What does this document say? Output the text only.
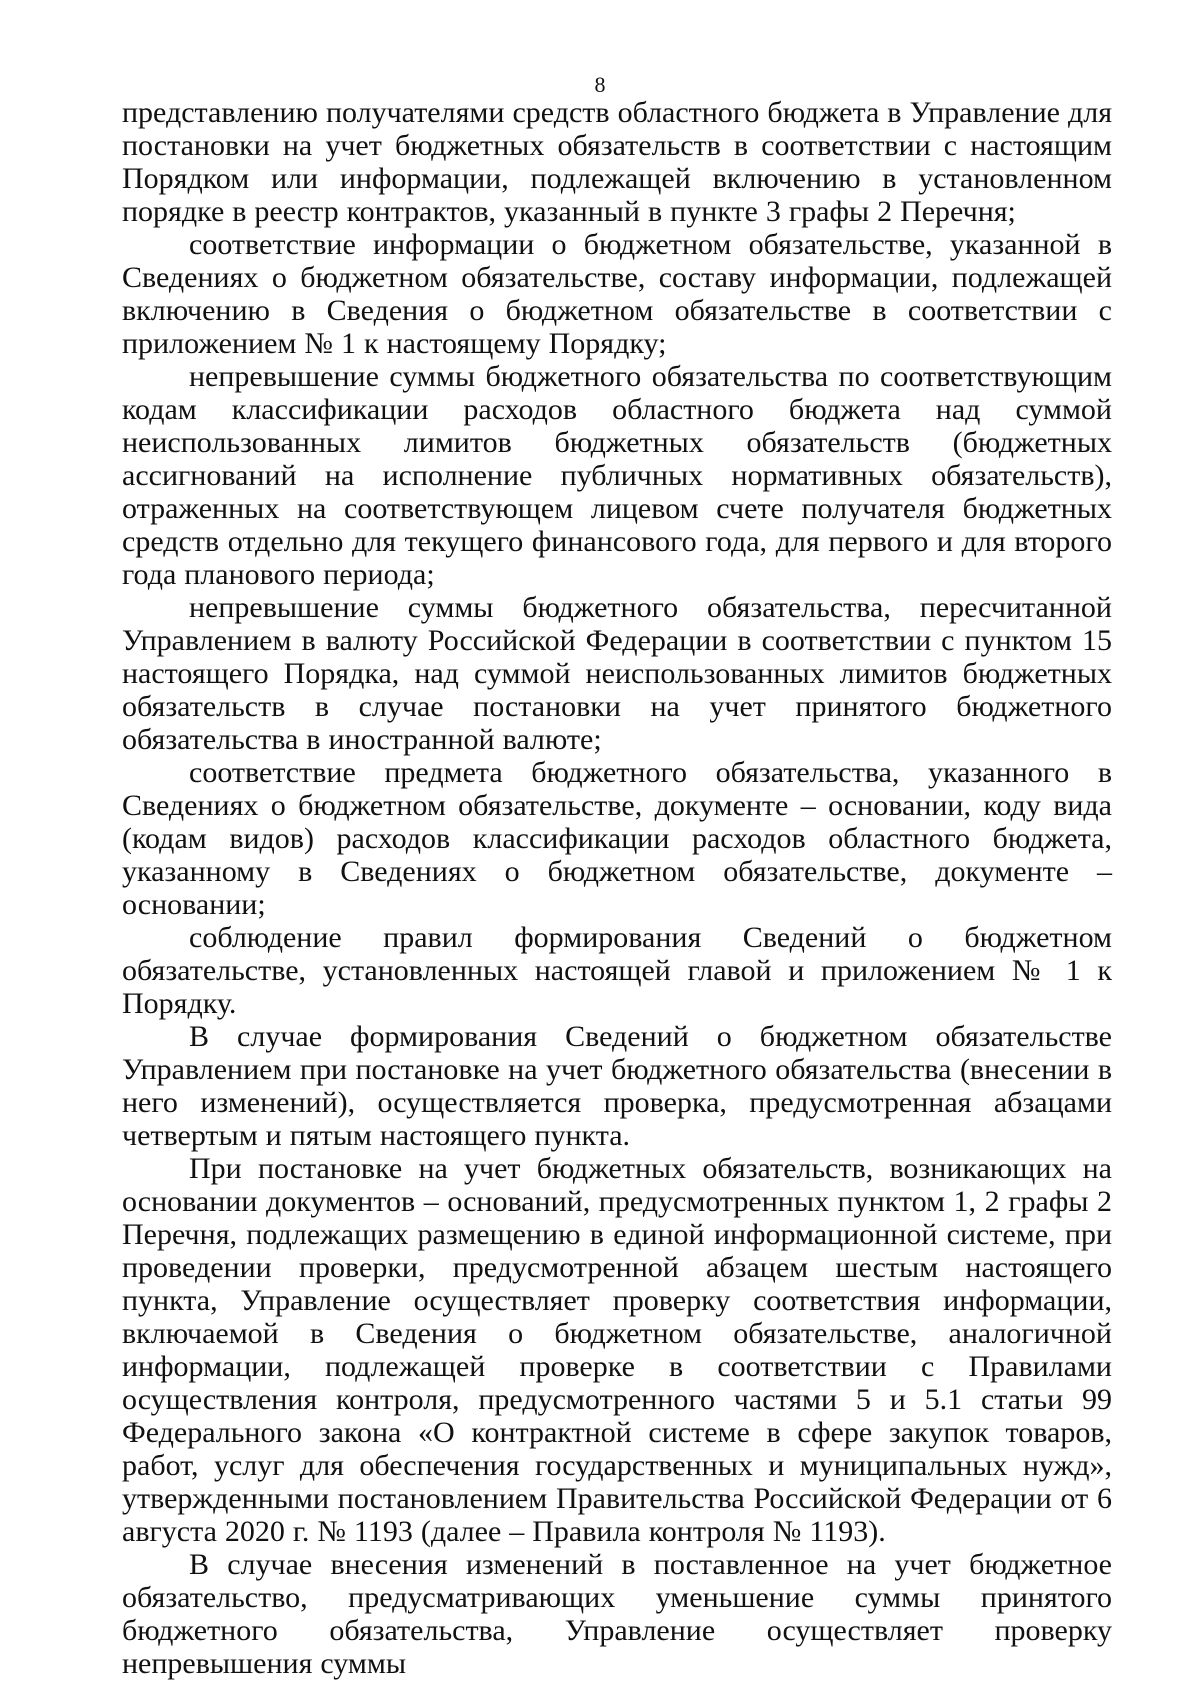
8

представлению получателями средств областного бюджета в Управление для постановки на учет бюджетных обязательств в соответствии с настоящим Порядком или информации, подлежащей включению в установленном порядке в реестр контрактов, указанный в пункте 3 графы 2 Перечня;

соответствие информации о бюджетном обязательстве, указанной в Сведениях о бюджетном обязательстве, составу информации, подлежащей включению в Сведения о бюджетном обязательстве в соответствии с приложением № 1 к настоящему Порядку;

непревышение суммы бюджетного обязательства по соответствующим кодам классификации расходов областного бюджета над суммой неиспользованных лимитов бюджетных обязательств (бюджетных ассигнований на исполнение публичных нормативных обязательств), отраженных на соответствующем лицевом счете получателя бюджетных средств отдельно для текущего финансового года, для первого и для второго года планового периода;

непревышение суммы бюджетного обязательства, пересчитанной Управлением в валюту Российской Федерации в соответствии с пунктом 15 настоящего Порядка, над суммой неиспользованных лимитов бюджетных обязательств в случае постановки на учет принятого бюджетного обязательства в иностранной валюте;

соответствие предмета бюджетного обязательства, указанного в Сведениях о бюджетном обязательстве, документе – основании, коду вида (кодам видов) расходов классификации расходов областного бюджета, указанному в Сведениях о бюджетном обязательстве, документе – основании;

соблюдение правил формирования Сведений о бюджетном обязательстве, установленных настоящей главой и приложением № 1 к Порядку.

В случае формирования Сведений о бюджетном обязательстве Управлением при постановке на учет бюджетного обязательства (внесении в него изменений), осуществляется проверка, предусмотренная абзацами четвертым и пятым настоящего пункта.

При постановке на учет бюджетных обязательств, возникающих на основании документов – оснований, предусмотренных пунктом 1, 2 графы 2 Перечня, подлежащих размещению в единой информационной системе, при проведении проверки, предусмотренной абзацем шестым настоящего пункта, Управление осуществляет проверку соответствия информации, включаемой в Сведения о бюджетном обязательстве, аналогичной информации, подлежащей проверке в соответствии с Правилами осуществления контроля, предусмотренного частями 5 и 5.1 статьи 99 Федерального закона «О контрактной системе в сфере закупок товаров, работ, услуг для обеспечения государственных и муниципальных нужд», утвержденными постановлением Правительства Российской Федерации от 6 августа 2020 г. № 1193 (далее – Правила контроля № 1193).

В случае внесения изменений в поставленное на учет бюджетное обязательство, предусматривающих уменьшение суммы принятого бюджетного обязательства, Управление осуществляет проверку непревышения суммы
